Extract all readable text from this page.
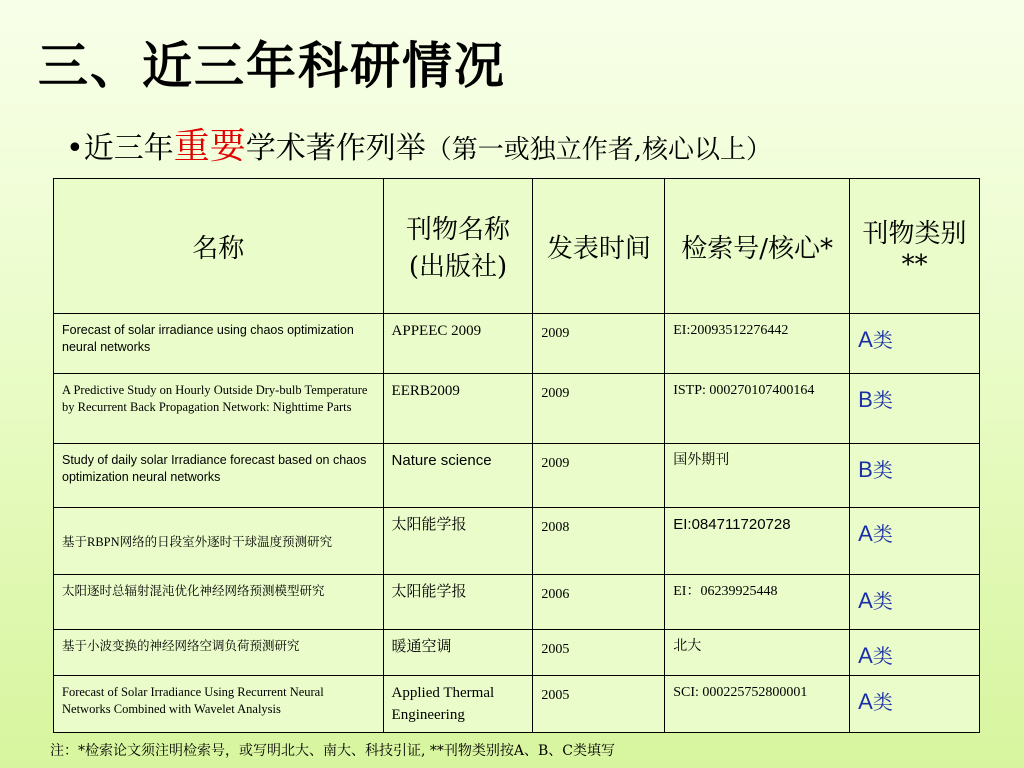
三、近三年科研情况
•近三年重要学术著作列举（第一或独立作者,核心以上）
名称	刊物名称(出版社)	发表时间	检索号/核心*	刊物类别**
Forecast of solar irradiance using chaos optimization neural networks	APPEEC 2009	2009	EI:20093512276442	A类
A Predictive Study on Hourly Outside Dry-bulb Temperature by Recurrent Back Propagation Network: Nighttime Parts	EERB2009	2009	ISTP: 000270107400164	B类
Study of daily solar Irradiance forecast based on chaos optimization neural networks	Nature science	2009	国外期刊	B类
基于RBPN网络的日段室外逐时干球温度预测研究	太阳能学报	2008	EI:084711720728	A类
太阳逐时总辐射混沌优化神经网络预测模型研究	太阳能学报	2006	EI：06239925448	A类
基于小波变换的神经网络空调负荷预测研究	暖通空调	2005	北大	A类
Forecast of Solar Irradiance Using Recurrent Neural Networks Combined with Wavelet Analysis	Applied Thermal Engineering	2005	SCI: 000225752800001	A类
注：*检索论文须注明检索号，或写明北大、南大、科技引证, **刊物类别按A、B、C类填写
